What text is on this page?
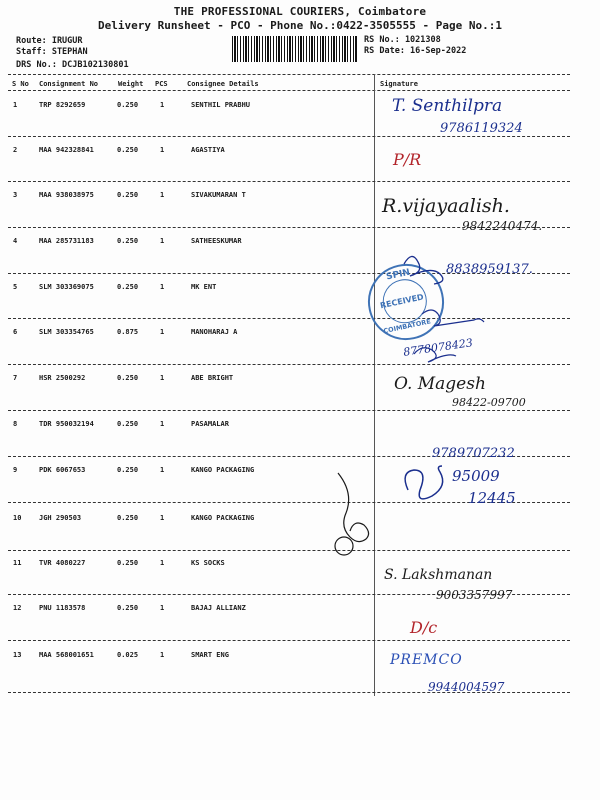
THE PROFESSIONAL COURIERS, Coimbatore
Delivery Runsheet - PCO - Phone No.:0422-3505555 - Page No.:1
Route: IRUGUR
Staff: STEPHAN
DRS No.: DCJB102130801
RS No.: 1021308
RS Date: 16-Sep-2022
S No Consignment No	Weight PCS	Consignee Details	Signature
1	TRP 8292659	0.250	1	SENTHIL PRABHU
2	MAA 942328841	0.250	1	AGASTIYA
3	MAA 938038975	0.250	1	SIVAKUMARAN T
4	MAA 285731183	0.250	1	SATHEESKUMAR
5	SLM 303369075	0.250	1	MK ENT
6	SLM 303354765	0.875	1	MANOHARAJ A
7	HSR 2500292	0.250	1	ABE BRIGHT
8	TDR 950032194	0.250	1	PASAMALAR
9	PDK 6067653	0.250	1	KANGO PACKAGING
10	JGH 290503	0.250	1	KANGO PACKAGING
11	TVR 4080227	0.250	1	KS SOCKS
12	PNU 1183578	0.250	1	BAJAJ ALLIANZ
13	MAA 568001651	0.025	1	SMART ENG
SPIN
RECEIVED
COIMBATORE
T. Senthilpra
9786119324
P/R
R.vijayaalish.
9842240474.
8838959137.
8778078423
O. Magesh
98422-09700
9789707232
95009
12445
S. Lakshmanan
9003357997
D/c
PREMCO
9944004597
